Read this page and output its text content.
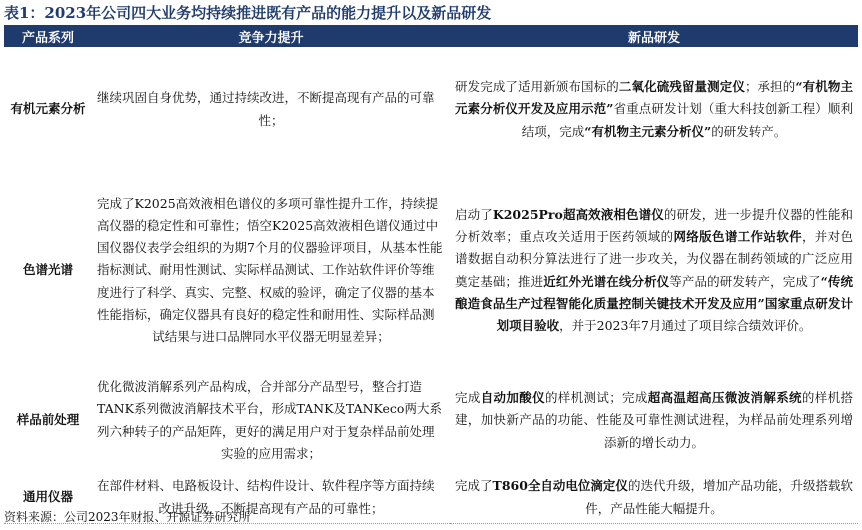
表1：2023年公司四大业务均持续推进既有产品的能力提升以及新品研发
产品系列	竞争力提升	新品研发
有机元素分析	继续巩固自身优势，通过持续改进，不断提高现有产品的可靠性；	研发完成了适用新颁布国标的二氧化硫残留量测定仪；承担的“有机物主元素分析仪开发及应用示范”省重点研发计划（重大科技创新工程）顺利结项，完成“有机物主元素分析仪”的研发转产。
色谱光谱	完成了K2025高效液相色谱仪的多项可靠性提升工作，持续提高仪器的稳定性和可靠性；悟空K2025高效液相色谱仪通过中国仪器仪表学会组织的为期7个月的仪器验评项目，从基本性能指标测试、耐用性测试、实际样品测试、工作站软件评价等维度进行了科学、真实、完整、权威的验评，确定了仪器的基本性能指标，确定仪器具有良好的稳定性和耐用性、实际样品测试结果与进口品牌同水平仪器无明显差异；	启动了K2025Pro超高效液相色谱仪的研发，进一步提升仪器的性能和分析效率；重点攻关适用于医药领域的网络版色谱工作站软件，并对色谱数据自动积分算法进行了进一步攻关，为仪器在制药领域的广泛应用奠定基础；推进近红外光谱在线分析仪等产品的研发转产，完成了“传统酿造食品生产过程智能化质量控制关键技术开发及应用”国家重点研发计划项目验收，并于2023年7月通过了项目综合绩效评价。
样品前处理	优化微波消解系列产品构成，合并部分产品型号，整合打造TANK系列微波消解技术平台，形成TANK及TANKeco两大系列六种转子的产品矩阵，更好的满足用户对于复杂样品前处理实验的应用需求；	完成自动加酸仪的样机测试；完成超高温超高压微波消解系统的样机搭建，加快新产品的功能、性能及可靠性测试进程，为样品前处理系列增添新的增长动力。
通用仪器	在部件材料、电路板设计、结构件设计、软件程序等方面持续改进升级，不断提高现有产品的可靠性；	完成了T860全自动电位滴定仪的迭代升级，增加产品功能，升级搭载软件，产品性能大幅提升。
资料来源：公司2023年财报、开源证券研究所
